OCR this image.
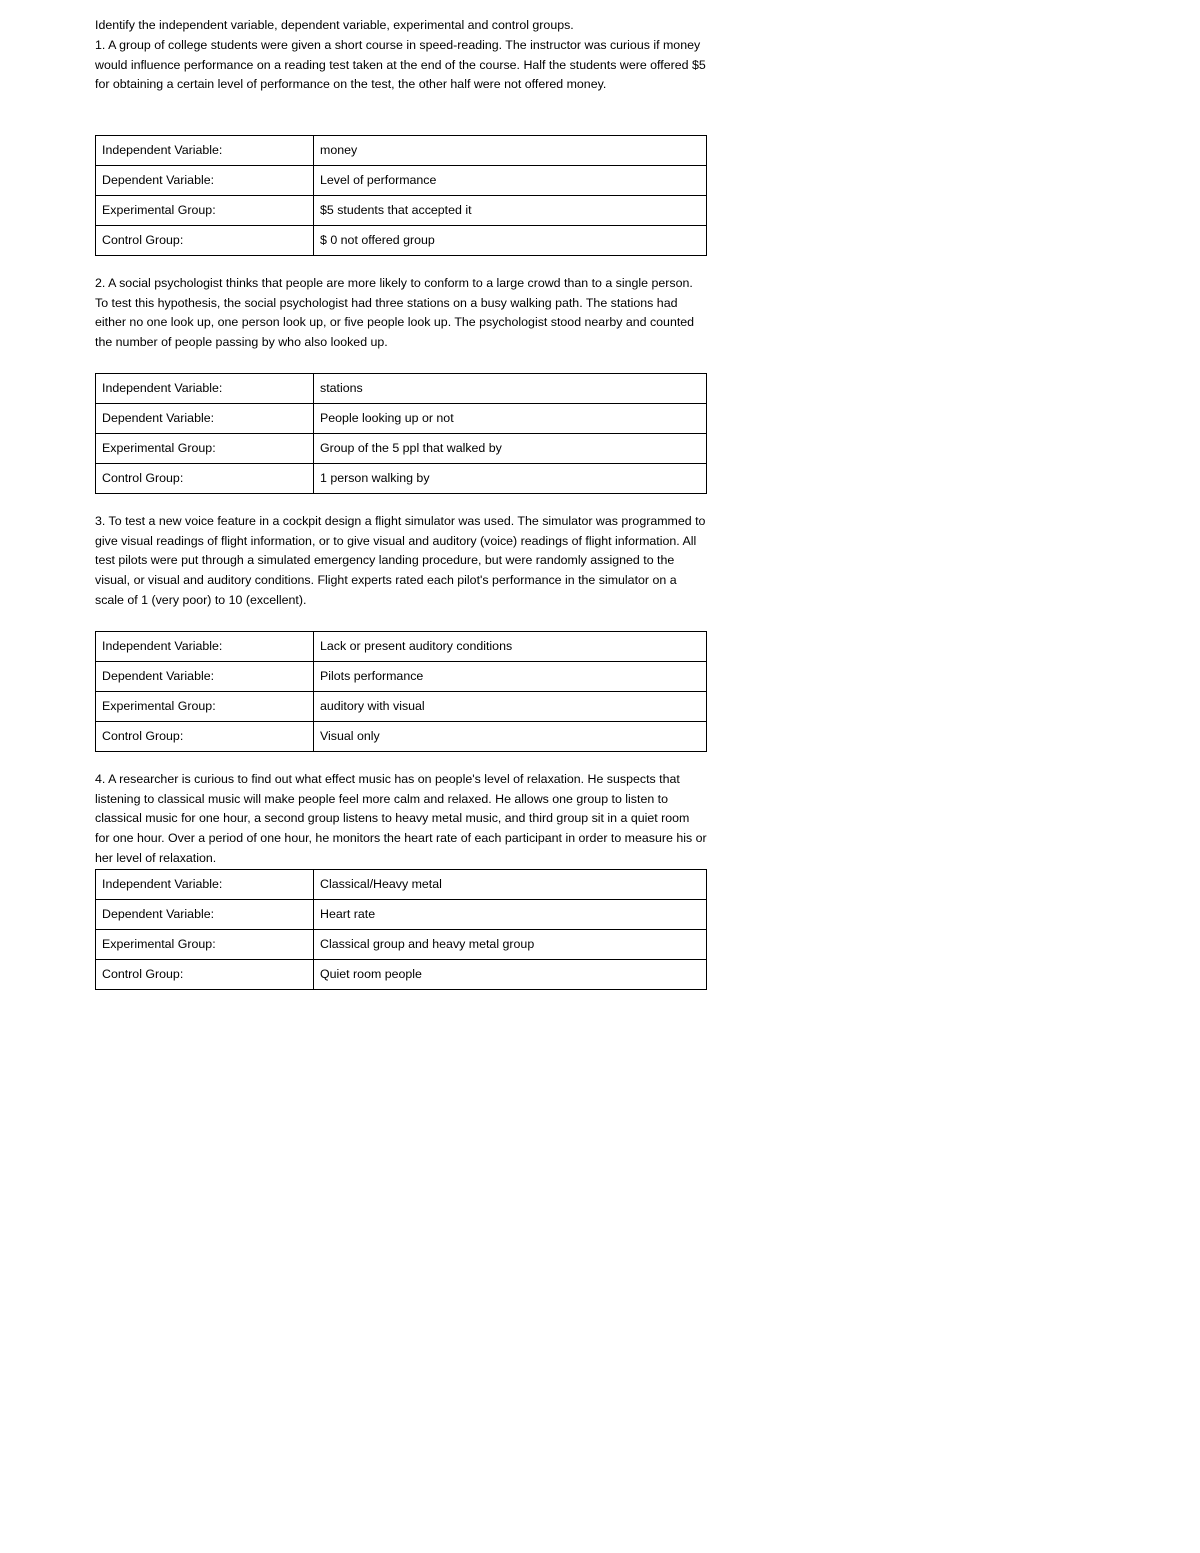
Identify the independent variable, dependent variable, experimental and control groups.

1. A group of college students were given a short course in speed-reading. The instructor was curious if money would influence performance on a reading test taken at the end of the course. Half the students were offered $5 for obtaining a certain level of performance on the test, the other half were not offered money.

Independent Variable:	money
Dependent Variable:	Level of performance
Experimental Group:	$5 students that accepted it
Control Group:	$ 0 not offered group

2. A social psychologist thinks that people are more likely to conform to a large crowd than to a single person. To test this hypothesis, the social psychologist had three stations on a busy walking path. The stations had either no one look up, one person look up, or five people look up. The psychologist stood nearby and counted the number of people passing by who also looked up.

Independent Variable:	stations
Dependent Variable:	People looking up or not
Experimental Group:	Group of the 5 ppl that walked by
Control Group:	1 person walking by

3. To test a new voice feature in a cockpit design a flight simulator was used. The simulator was programmed to give visual readings of flight information, or to give visual and auditory (voice) readings of flight information. All test pilots were put through a simulated emergency landing procedure, but were randomly assigned to the visual, or visual and auditory conditions. Flight experts rated each pilot's performance in the simulator on a scale of 1 (very poor) to 10 (excellent).

Independent Variable:	Lack or present auditory conditions
Dependent Variable:	Pilots performance
Experimental Group:	auditory with visual
Control Group:	Visual only

4. A researcher is curious to find out what effect music has on people's level of relaxation. He suspects that listening to classical music will make people feel more calm and relaxed. He allows one group to listen to classical music for one hour, a second group listens to heavy metal music, and third group sit in a quiet room for one hour. Over a period of one hour, he monitors the heart rate of each participant in order to measure his or her level of relaxation.

Independent Variable:	Classical/Heavy metal
Dependent Variable:	Heart rate
Experimental Group:	Classical group and heavy metal group
Control Group:	Quiet room people
